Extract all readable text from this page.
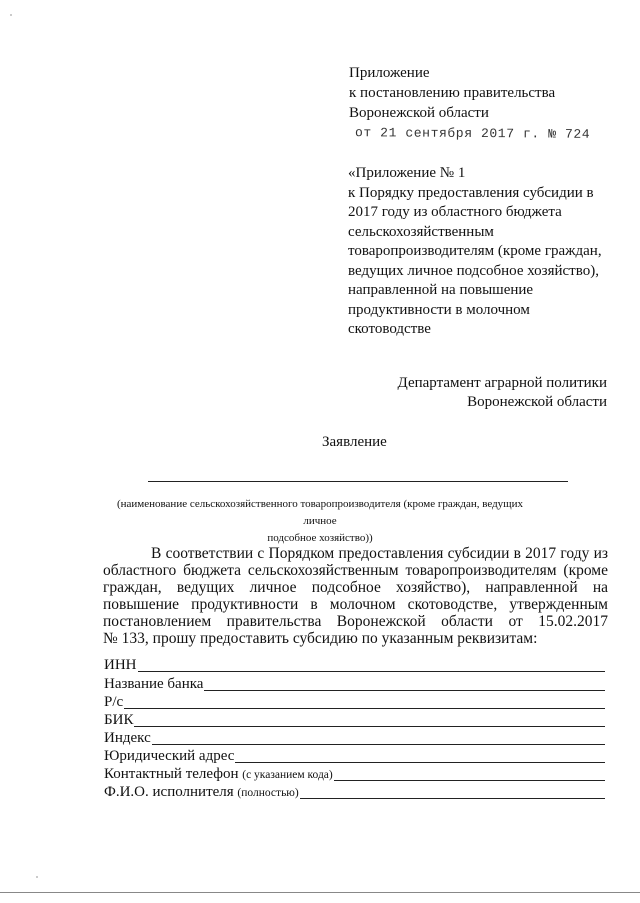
Приложение
к постановлению правительства
Воронежской области
от 21 сентября 2017 г. № 724
«Приложение № 1
к Порядку предоставления субсидии в
2017 году из областного бюджета
сельскохозяйственным
товаропроизводителям (кроме граждан,
ведущих личное подсобное хозяйство),
направленной на повышение
продуктивности в молочном
скотоводстве
Департамент аграрной политики
Воронежской области
Заявление
(наименование сельскохозяйственного товаропроизводителя (кроме граждан, ведущих личное
подсобное хозяйство))
В соответствии с Порядком предоставления субсидии в 2017 году из
областного бюджета сельскохозяйственным товаропроизводителям (кроме
граждан, ведущих личное подсобное хозяйство), направленной на
повышение продуктивности в молочном скотоводстве, утвержденным
постановлением правительства Воронежской области от 15.02.2017
№ 133, прошу предоставить субсидию по указанным реквизитам:
ИНН
Название банка
Р/с
БИК
Индекс
Юридический адрес
Контактный телефон (с указанием кода)
Ф.И.О. исполнителя (полностью)
